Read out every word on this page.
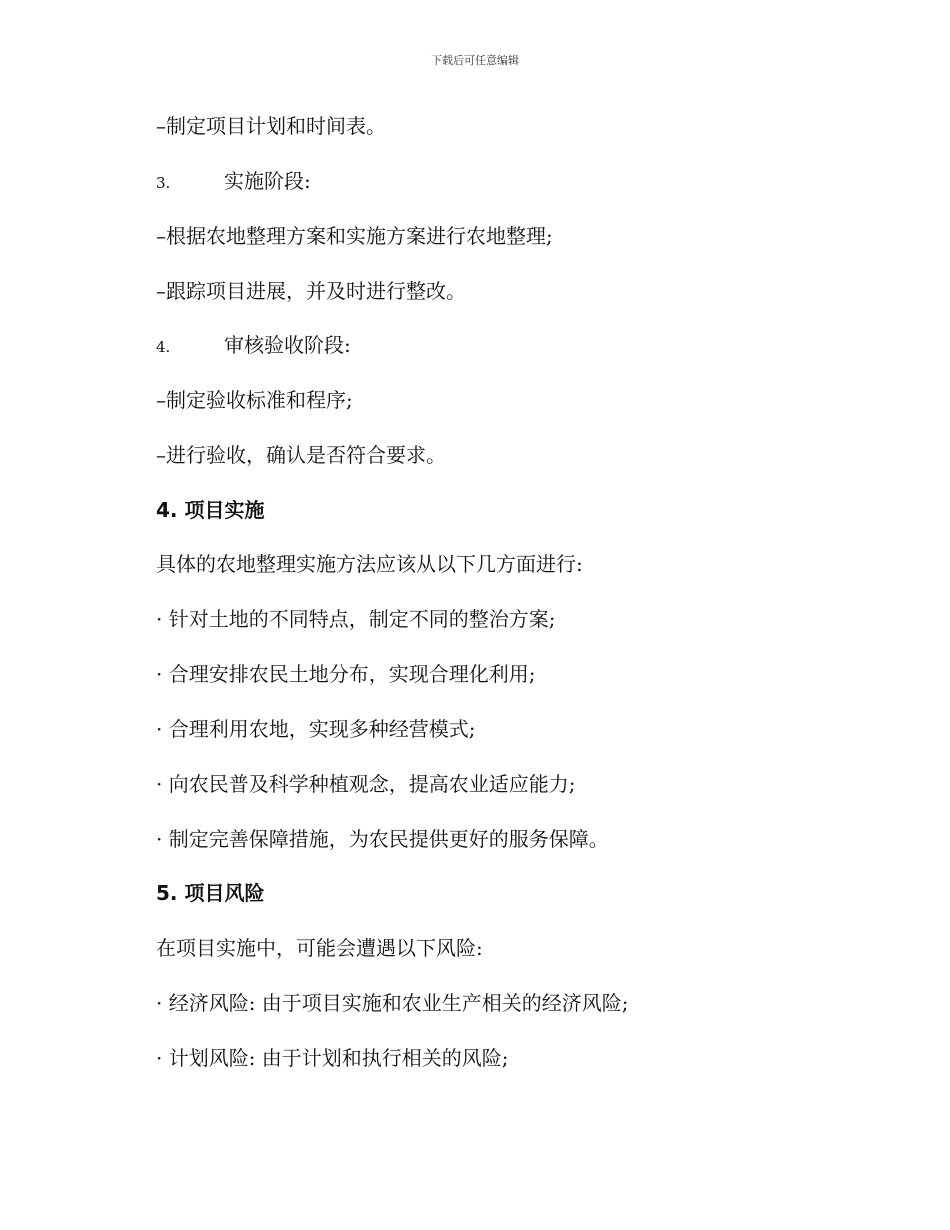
下载后可任意编辑
–制定项目计划和时间表。
3.	实施阶段:
–根据农地整理方案和实施方案进行农地整理;
–跟踪项目进展，并及时进行整改。
4.	审核验收阶段:
–制定验收标准和程序;
–进行验收，确认是否符合要求。
4. 项目实施
具体的农地整理实施方法应该从以下几方面进行:
· 针对土地的不同特点，制定不同的整治方案;
· 合理安排农民土地分布，实现合理化利用;
· 合理利用农地，实现多种经营模式;
· 向农民普及科学种植观念，提高农业适应能力;
· 制定完善保障措施，为农民提供更好的服务保障。
5. 项目风险
在项目实施中，可能会遭遇以下风险:
· 经济风险: 由于项目实施和农业生产相关的经济风险;
· 计划风险: 由于计划和执行相关的风险;
